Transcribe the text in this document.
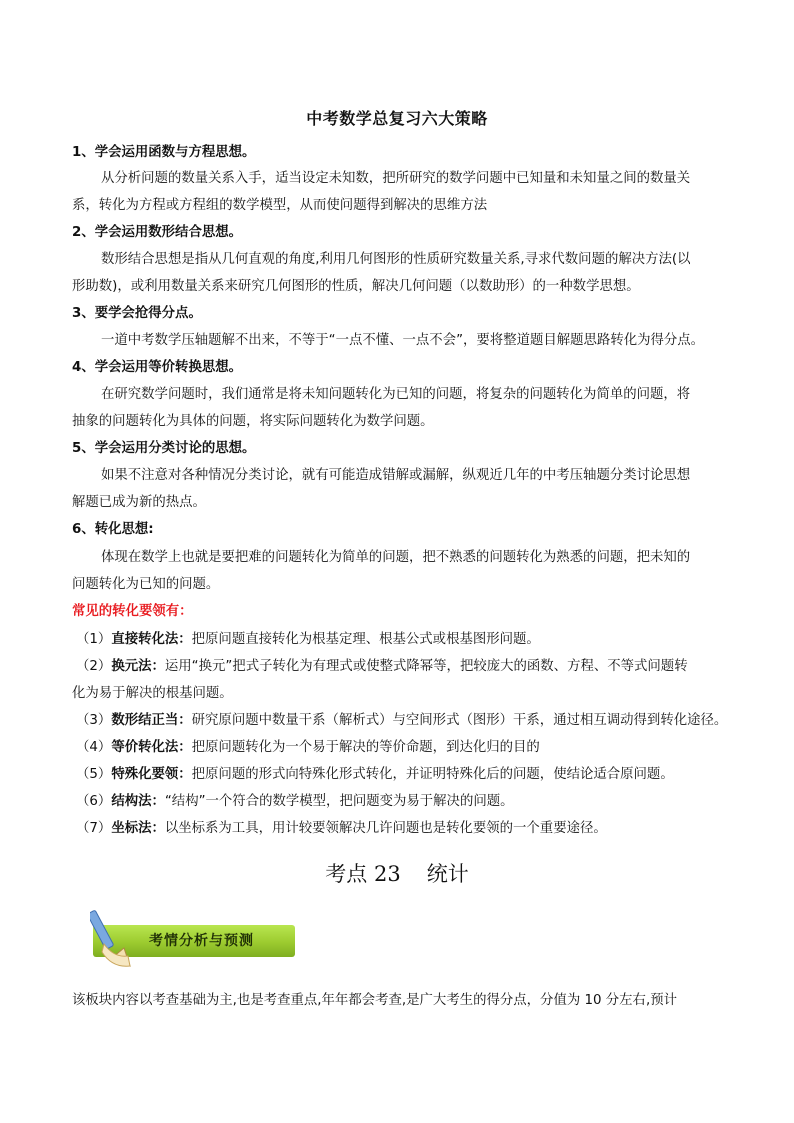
中考数学总复习六大策略
1、学会运用函数与方程思想。
从分析问题的数量关系入手，适当设定未知数，把所研究的数学问题中已知量和未知量之间的数量关
系，转化为方程或方程组的数学模型，从而使问题得到解决的思维方法
2、学会运用数形结合思想。
数形结合思想是指从几何直观的角度,利用几何图形的性质研究数量关系,寻求代数问题的解决方法(以
形助数)，或利用数量关系来研究几何图形的性质，解决几何问题（以数助形）的一种数学思想。
3、要学会抢得分点。
一道中考数学压轴题解不出来，不等于“一点不懂、一点不会”，要将整道题目解题思路转化为得分点。
4、学会运用等价转换思想。
在研究数学问题时，我们通常是将未知问题转化为已知的问题，将复杂的问题转化为简单的问题，将
抽象的问题转化为具体的问题，将实际问题转化为数学问题。
5、学会运用分类讨论的思想。
如果不注意对各种情况分类讨论，就有可能造成错解或漏解，纵观近几年的中考压轴题分类讨论思想
解题已成为新的热点。
6、转化思想:
体现在数学上也就是要把难的问题转化为简单的问题，把不熟悉的问题转化为熟悉的问题，把未知的
问题转化为已知的问题。
常见的转化要领有：
（1）直接转化法：把原问题直接转化为根基定理、根基公式或根基图形问题。
（2）换元法：运用“换元”把式子转化为有理式或使整式降幂等，把较庞大的函数、方程、不等式问题转
化为易于解决的根基问题。
（3）数形结正当：研究原问题中数量干系（解析式）与空间形式（图形）干系，通过相互调动得到转化途径。
（4）等价转化法：把原问题转化为一个易于解决的等价命题，到达化归的目的
（5）特殊化要领：把原问题的形式向特殊化形式转化，并证明特殊化后的问题，使结论适合原问题。
（6）结构法：“结构”一个符合的数学模型，把问题变为易于解决的问题。
（7）坐标法：以坐标系为工具，用计较要领解决几许问题也是转化要领的一个重要途径。
考点 23 统计
考情分析与预测
该板块内容以考查基础为主,也是考查重点,年年都会考查,是广大考生的得分点，分值为 10 分左右,预计
